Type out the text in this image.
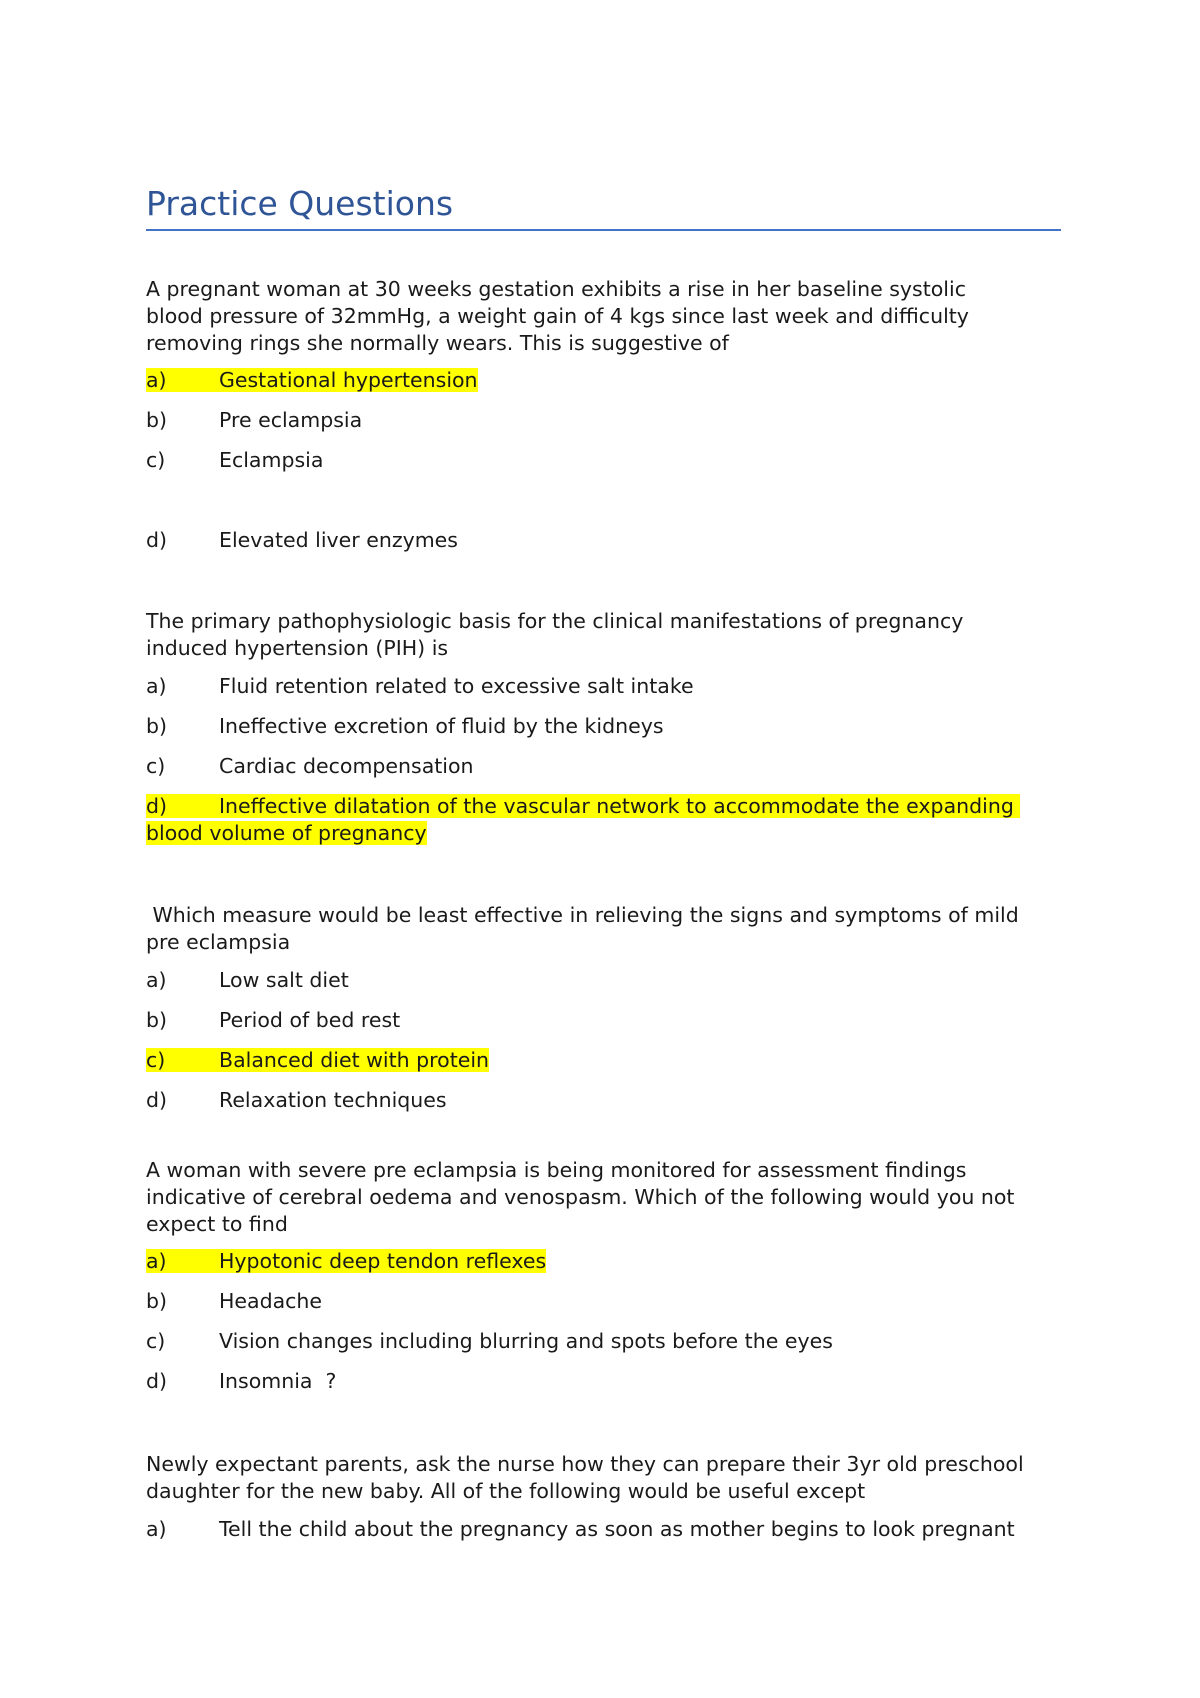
Practice Questions
A pregnant woman at 30 weeks gestation exhibits a rise in her baseline systolic
blood pressure of 32mmHg, a weight gain of 4 kgs since last week and difficulty
removing rings she normally wears. This is suggestive of
a)	Gestational hypertension
b)	Pre eclampsia
c)	Eclampsia
d)	Elevated liver enzymes
The primary pathophysiologic basis for the clinical manifestations of pregnancy
induced hypertension (PIH) is
a)	Fluid retention related to excessive salt intake
b)	Ineffective excretion of fluid by the kidneys
c)	Cardiac decompensation
d)	Ineffective dilatation of the vascular network to accommodate the expanding
blood volume of pregnancy
Which measure would be least effective in relieving the signs and symptoms of mild
pre eclampsia
a)	Low salt diet
b)	Period of bed rest
c)	Balanced diet with protein
d)	Relaxation techniques
A woman with severe pre eclampsia is being monitored for assessment findings
indicative of cerebral oedema and venospasm. Which of the following would you not
expect to find
a)	Hypotonic deep tendon reflexes
b)	Headache
c)	Vision changes including blurring and spots before the eyes
d)	Insomnia  ?
Newly expectant parents, ask the nurse how they can prepare their 3yr old preschool
daughter for the new baby. All of the following would be useful except
a)	Tell the child about the pregnancy as soon as mother begins to look pregnant
